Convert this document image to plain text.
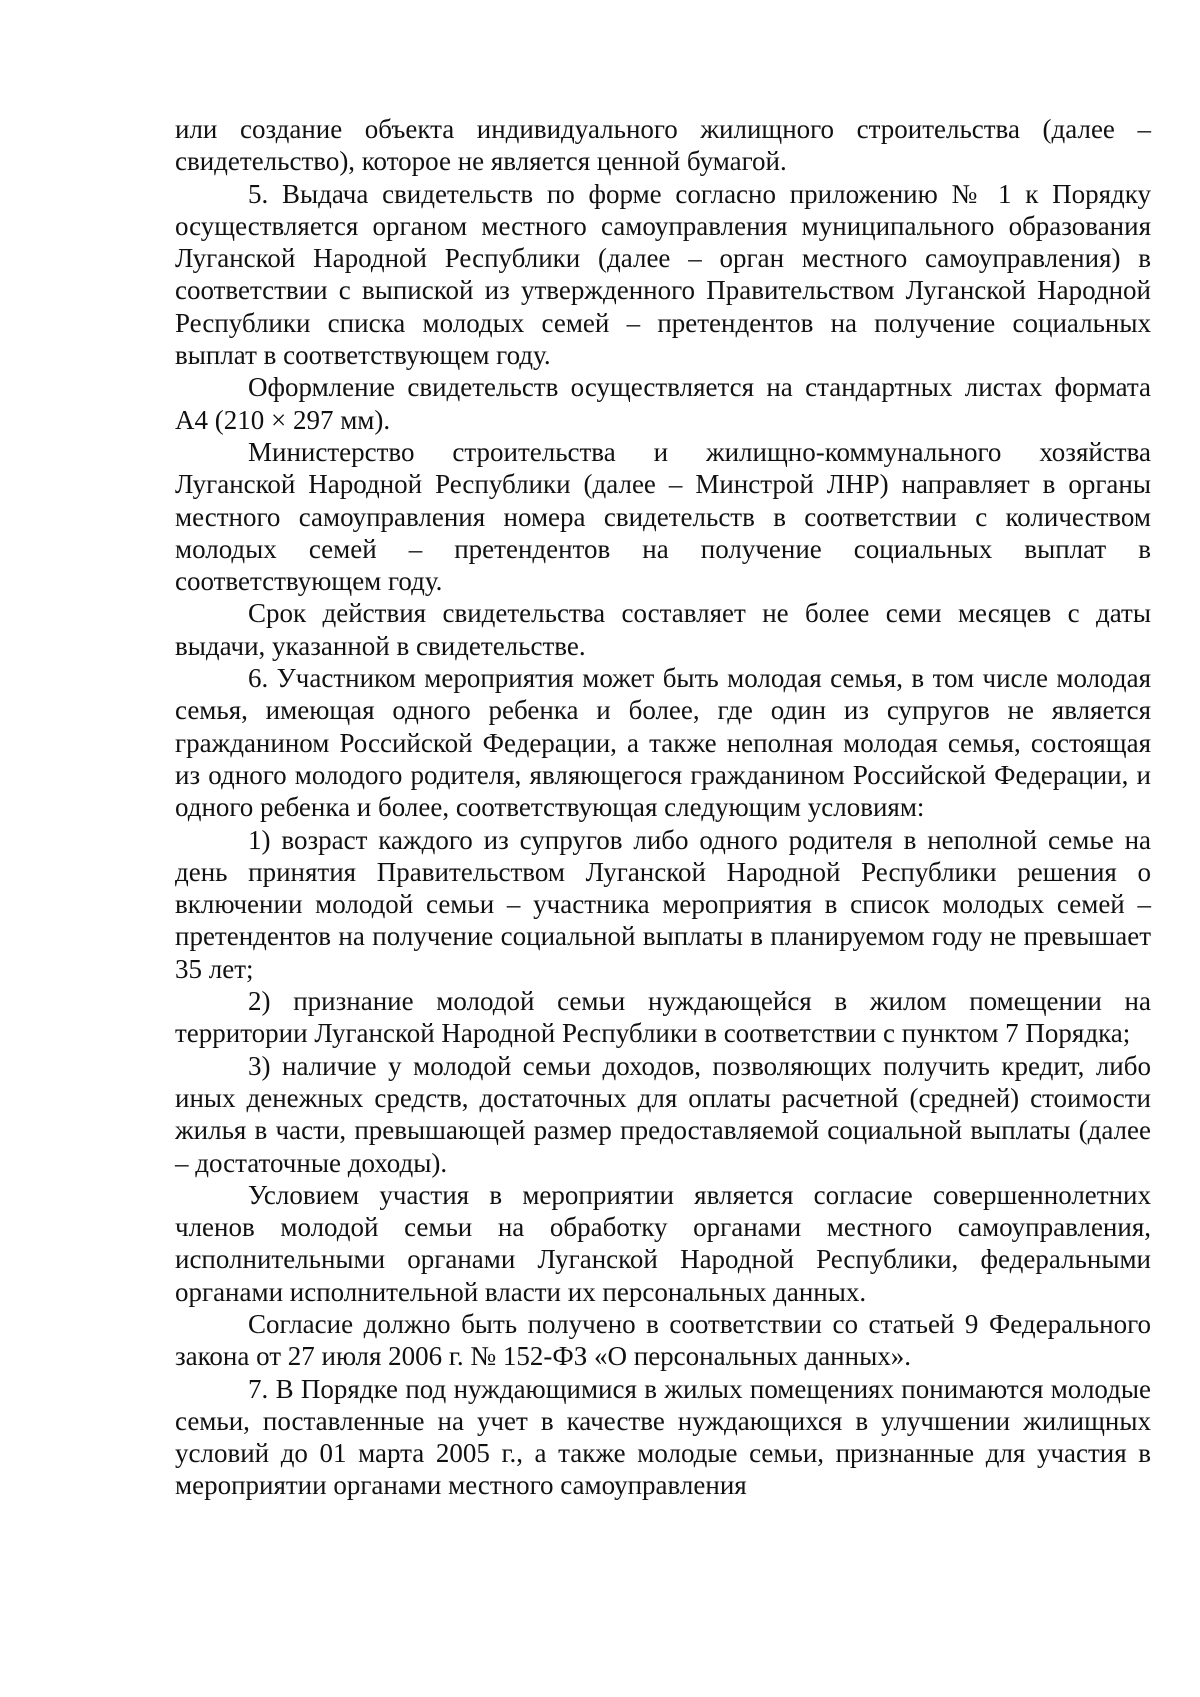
или создание объекта индивидуального жилищного строительства (далее – свидетельство), которое не является ценной бумагой.

5. Выдача свидетельств по форме согласно приложению № 1 к Порядку осуществляется органом местного самоуправления муниципального образования Луганской Народной Республики (далее – орган местного самоуправления) в соответствии с выпиской из утвержденного Правительством Луганской Народной Республики списка молодых семей – претендентов на получение социальных выплат в соответствующем году.

Оформление свидетельств осуществляется на стандартных листах формата А4 (210 × 297 мм).

Министерство строительства и жилищно-коммунального хозяйства Луганской Народной Республики (далее – Минстрой ЛНР) направляет в органы местного самоуправления номера свидетельств в соответствии с количеством молодых семей – претендентов на получение социальных выплат в соответствующем году.

Срок действия свидетельства составляет не более семи месяцев с даты выдачи, указанной в свидетельстве.

6. Участником мероприятия может быть молодая семья, в том числе молодая семья, имеющая одного ребенка и более, где один из супругов не является гражданином Российской Федерации, а также неполная молодая семья, состоящая из одного молодого родителя, являющегося гражданином Российской Федерации, и одного ребенка и более, соответствующая следующим условиям:

1) возраст каждого из супругов либо одного родителя в неполной семье на день принятия Правительством Луганской Народной Республики решения о включении молодой семьи – участника мероприятия в список молодых семей – претендентов на получение социальной выплаты в планируемом году не превышает 35 лет;

2) признание молодой семьи нуждающейся в жилом помещении на территории Луганской Народной Республики в соответствии с пунктом 7 Порядка;

3) наличие у молодой семьи доходов, позволяющих получить кредит, либо иных денежных средств, достаточных для оплаты расчетной (средней) стоимости жилья в части, превышающей размер предоставляемой социальной выплаты (далее – достаточные доходы).

Условием участия в мероприятии является согласие совершеннолетних членов молодой семьи на обработку органами местного самоуправления, исполнительными органами Луганской Народной Республики, федеральными органами исполнительной власти их персональных данных.

Согласие должно быть получено в соответствии со статьей 9 Федерального закона от 27 июля 2006 г. № 152-ФЗ «О персональных данных».

7. В Порядке под нуждающимися в жилых помещениях понимаются молодые семьи, поставленные на учет в качестве нуждающихся в улучшении жилищных условий до 01 марта 2005 г., а также молодые семьи, признанные для участия в мероприятии органами местного самоуправления
